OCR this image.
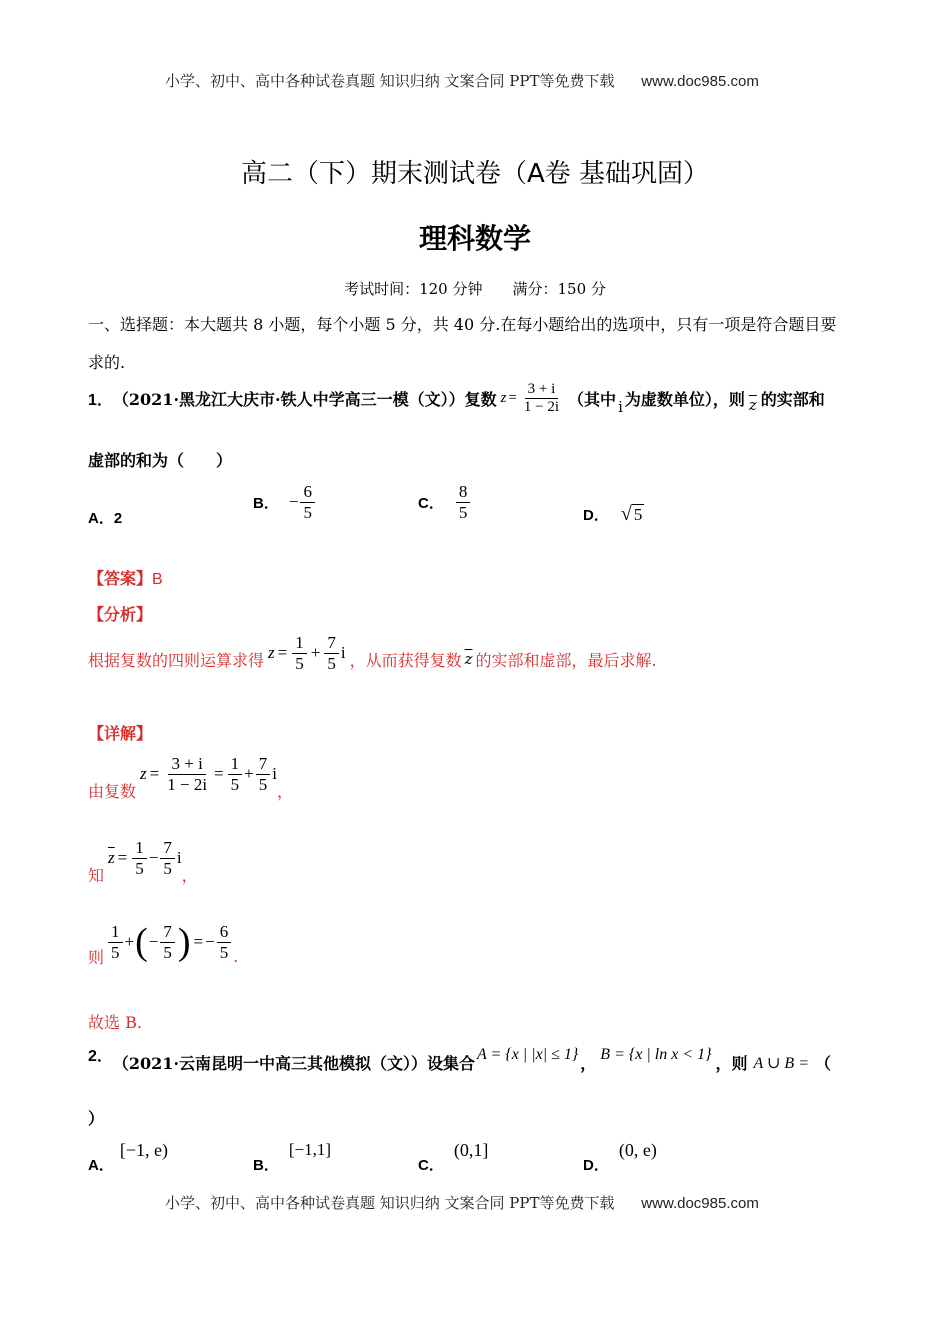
小学、初中、高中各种试卷真题 知识归纳 文案合同 PPT等免费下载 www.doc985.com
高二（下）期末测试卷（A卷 基础巩固）
理科数学
考试时间：120 分钟　　满分：150 分
一、选择题：本大题共 8 小题，每个小题 5 分，共 40 分.在每小题给出的选项中，只有一项是符合题目要
求的.
1． （2021·黑龙江大庆市·铁人中学高三一模（文））复数 $z = \frac{3 + i}{1 - 2i}$ （其中 i 为虚数单位），则 $\overline{z}$ 的实部和
虚部的和为（　　）
A．2
B． − $\frac{6}{5}$	C． $\frac{8}{5}$	D． √ 5
【答案】B
【分析】
根据复数的四则运算求得 $z = \frac{1}{5} + \frac{7}{5}$ i ，从而获得复数 $\overline{z}$ 的实部和虚部，最后求解.
【详解】
由复数
$z = \frac{3 + i}{1 - 2i} = \frac{1}{5} + \frac{7}{5}$ i
，
知
$\overline{z} = \frac{1}{5} - \frac{7}{5}$ i
，
则 $\frac{1}{5}$ + ( − $\frac{7}{5}$ ) = − $\frac{6}{5}$ .
故选 B.
2． （2021·云南昆明一中高三其他模拟（文））设集合 A = {x | |x| ≤ 1} ， B = {x | ln x < 1} ，则 A ∪ B = （
）
A．
[−1, e)
B．
[−1,1]
C．
(0,1]
D．
(0, e)
小学、初中、高中各种试卷真题 知识归纳 文案合同 PPT等免费下载 www.doc985.com
